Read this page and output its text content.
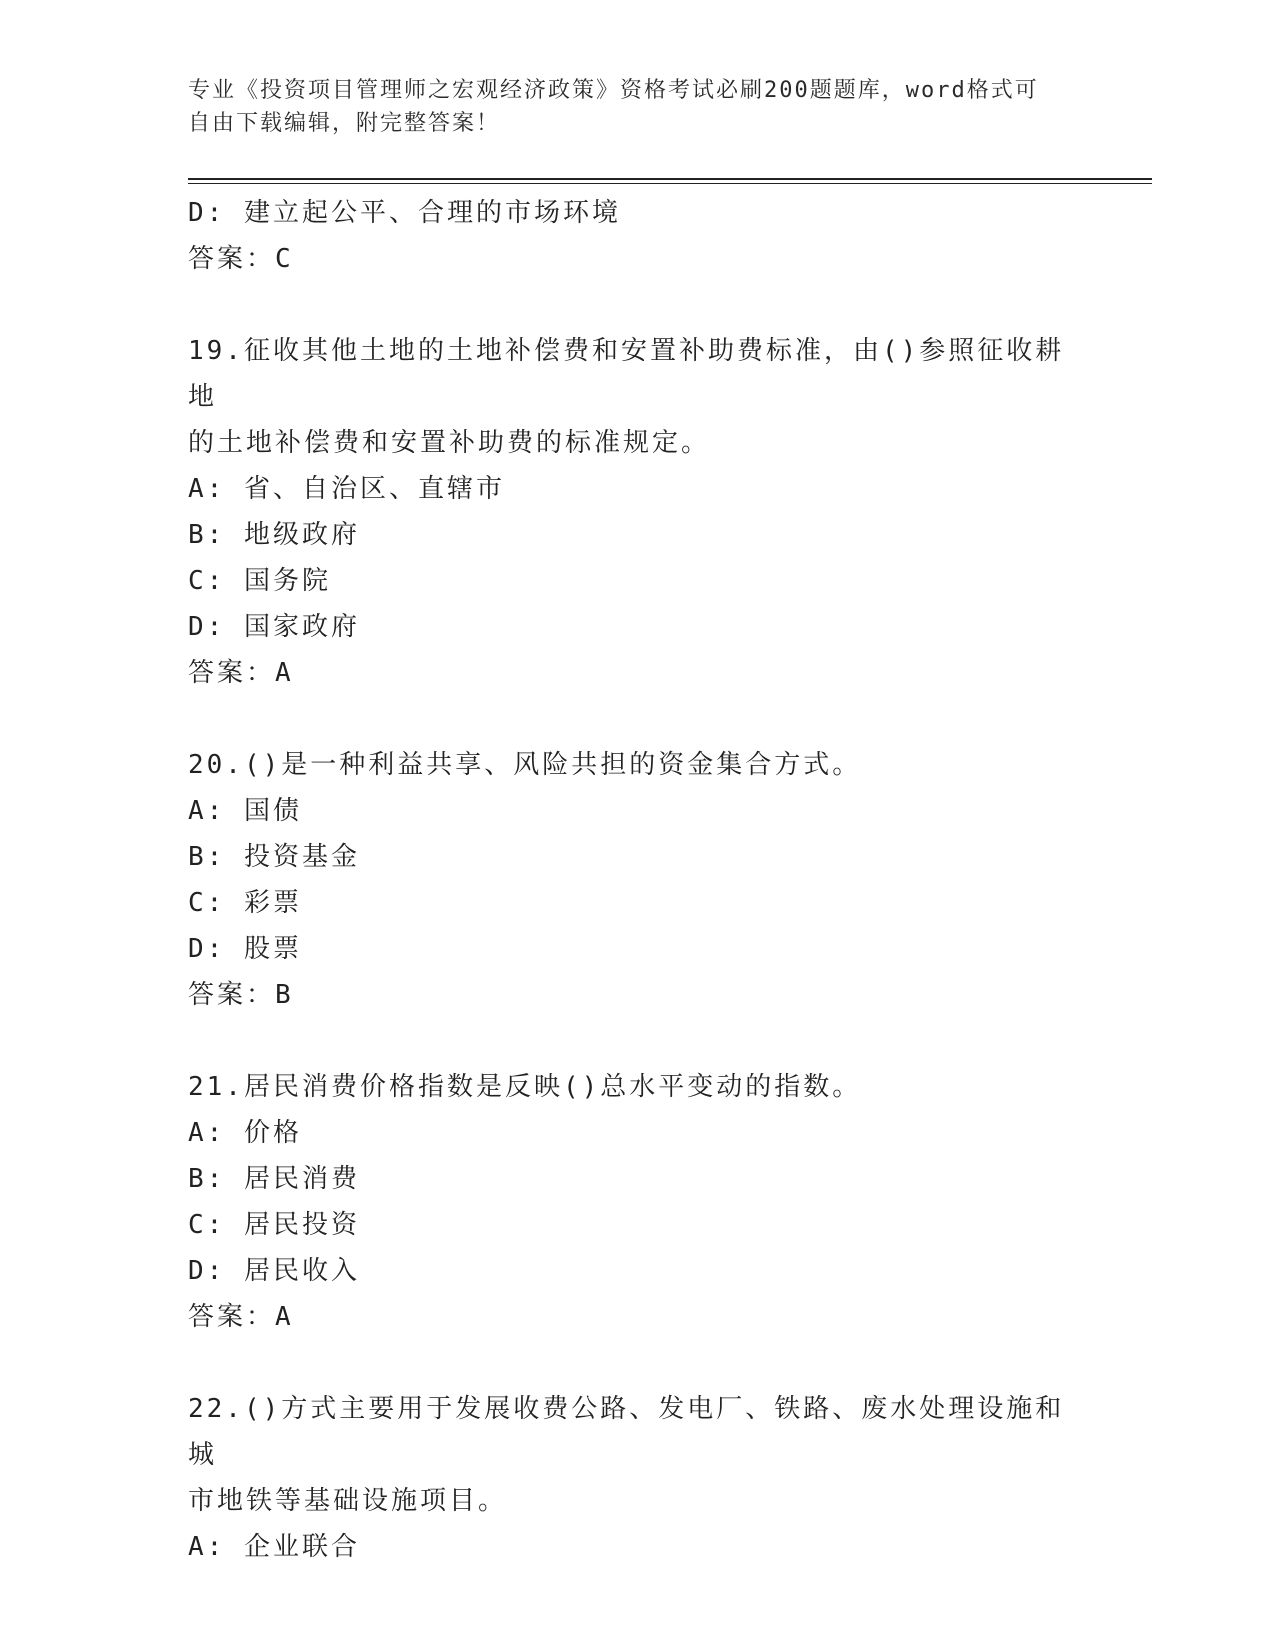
专业《投资项目管理师之宏观经济政策》资格考试必刷200题题库，word格式可
自由下载编辑，附完整答案！
D: 建立起公平、合理的市场环境
答案：C
19.征收其他土地的土地补偿费和安置补助费标准，由()参照征收耕地
的土地补偿费和安置补助费的标准规定。
A: 省、自治区、直辖市
B: 地级政府
C: 国务院
D: 国家政府
答案：A
20.()是一种利益共享、风险共担的资金集合方式。
A: 国债
B: 投资基金
C: 彩票
D: 股票
答案：B
21.居民消费价格指数是反映()总水平变动的指数。
A: 价格
B: 居民消费
C: 居民投资
D: 居民收入
答案：A
22.()方式主要用于发展收费公路、发电厂、铁路、废水处理设施和城
市地铁等基础设施项目。
A: 企业联合
